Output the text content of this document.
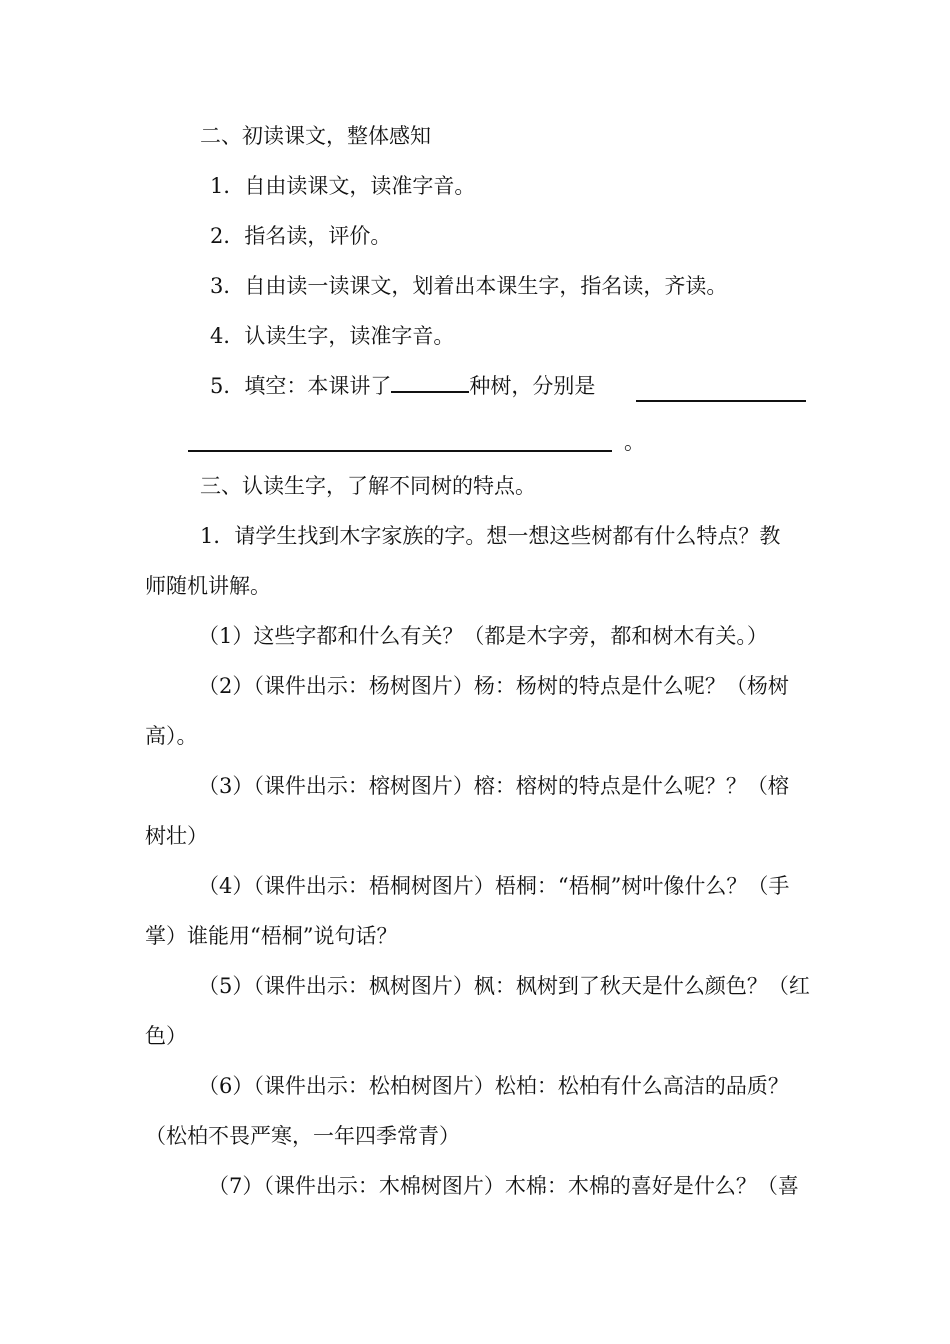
二、初读课文，整体感知
1．自由读课文，读准字音。
2．指名读，评价。
3．自由读一读课文，划着出本课生字，指名读，齐读。
4．认读生字，读准字音。
5．填空：本课讲了	种树，分别是
。
三、认读生字，了解不同树的特点。
1．请学生找到木字家族的字。想一想这些树都有什么特点？教
师随机讲解。
（1）这些字都和什么有关？（都是木字旁，都和树木有关。）
（2）（课件出示：杨树图片）杨：杨树的特点是什么呢？（杨树
高）。
（3）（课件出示：榕树图片）榕：榕树的特点是什么呢？？（榕
树壮）
（4）（课件出示：梧桐树图片）梧桐：“梧桐”树叶像什么？（手
掌）谁能用“梧桐”说句话？
（5）（课件出示：枫树图片）枫：枫树到了秋天是什么颜色？（红
色）
（6）（课件出示：松柏树图片）松柏：松柏有什么高洁的品质？
（松柏不畏严寒，一年四季常青）
（7）（课件出示：木棉树图片）木棉：木棉的喜好是什么？（喜
